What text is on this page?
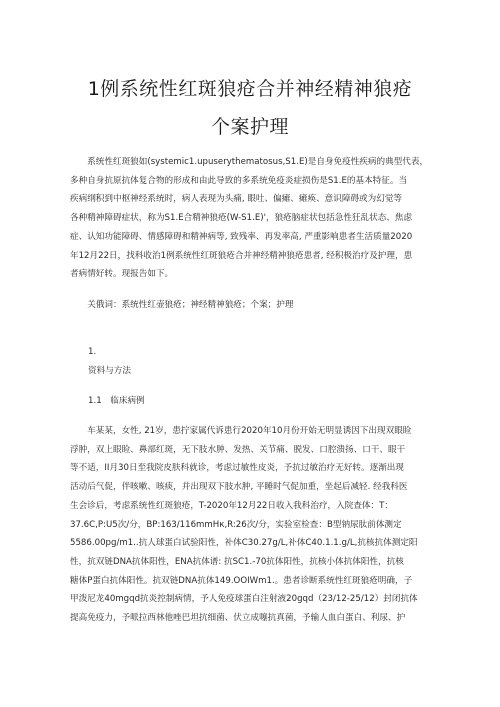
1例系统性红斑狼疮合并神经精神狼疮
个案护理
　　系统性红斑狼如(systemic1.upuserythematosus,S1.E)是自身免疫性疾病的典型代表，
多种自身抗原抗体复合物的形成和由此导致的多系统免疫炎症损伤是S1.E的基本特征。当
疾病纲积到中枢神经系统时，病人表现为头痛, 眼吐、偏瘫、瘫痪、意识障碍或为幻觉等
各种精神障碍症状，称为S1.E合精神狼疮(W-S1.E)'，狼疮脑症状包括急性狂乱状态、焦虑
症、认知功能障碍、情感障碍和精神病等, 致残率、再发率高, 严重影响患者生活质量2020
年12月22日，找科收治1例系统性红斑狼疮合并神经精神狼疮患者, 经积极治疗及护理，患
者病情好转。现报告如下。
　　关俄词：系统性红壶狼疮；神经精神狼疮；个案；护理
1.
资料与方法
1.1　临床病例
　　车某某，女性, 21岁，患拧家属代诉患行2020年10月份开始无明显诱因下出现双眼睑
浮肿，双上眼睑、鼻部红斑，无下肢水肿、发热、关节痛、脱发、口腔溃扬、口干、眼干
等不适，II月30日至我院皮肤科就诊，考虑过敏性皮炎，予抗过敏治疗无好转。逐渐出现
活动后气促，伴咳嗽、咳痰，并出现双下肢水肿, 平睡时气促加重，坐起后减轻. 经我科医
生会诊后，考虑系统性红斑狼疮，T-2020年12月22日收入我科治疗，入院查体：T：
37.6C,P:U5次/分，BP:163/116mmHк,R:26次/分，实验室检查：B型钠尿肽前体测定
5586.00pg/m1..抗人球蛋白试验阳性，补体C30.27g/L,补体C40.1.1.g/L,抗核抗体测定阳
性，抗双链DNA抗体阳性，ENA抗体谱: 抗SC1.-70抗体阳性，抗核小体抗体阳性，抗核
糖体P蛋白抗体阳性。抗双链DNA抗体149.OOIWm1.。患者诊断系统性红斑狼疮明确，子
甲泼尼龙40mgqd抗炎控制病情，予人免疫球蛋白注射液20gqd（23/12-25/12）封闭抗体
提高免疫力，予哌拉西林他唑巴坦抗细菌、伏立成噻抗真菌，予输人血白蛋白、利尿、护
